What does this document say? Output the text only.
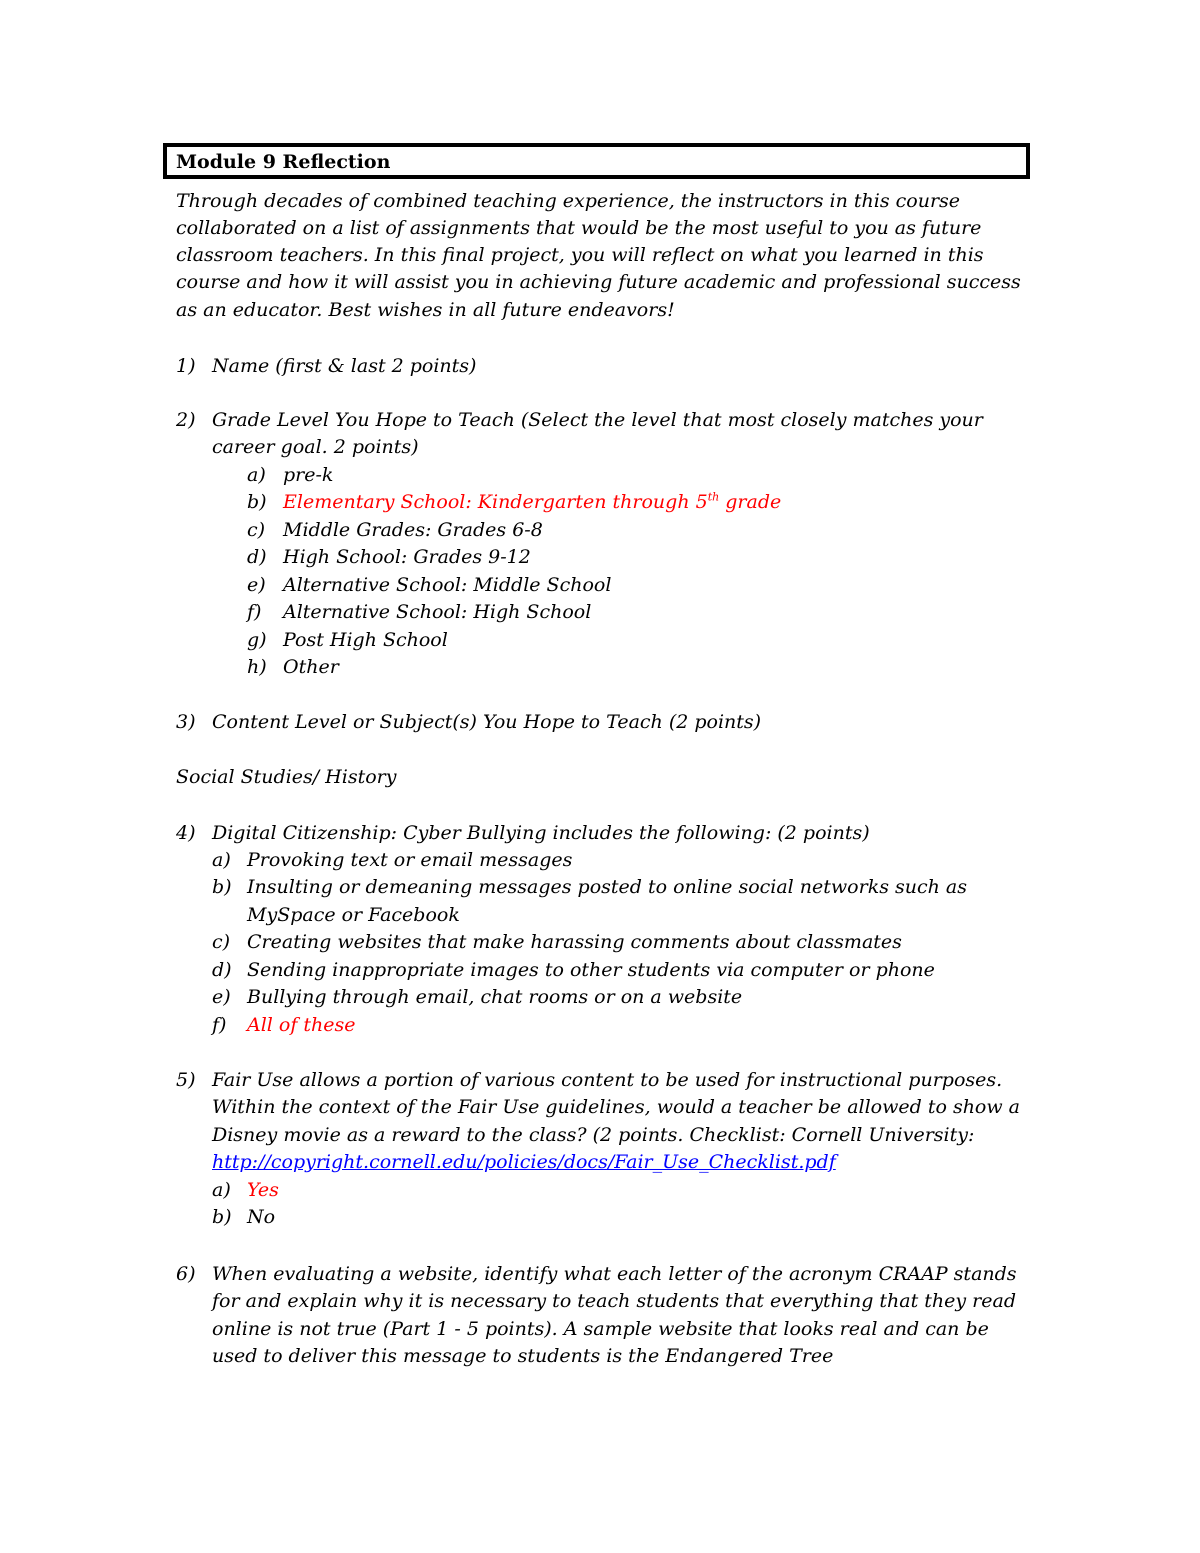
Module 9 Reflection
Through decades of combined teaching experience, the instructors in this course
collaborated on a list of assignments that would be the most useful to you as future
classroom teachers. In this final project, you will reflect on what you learned in this
course and how it will assist you in achieving future academic and professional success
as an educator. Best wishes in all future endeavors!
1) Name (first & last 2 points)
2) Grade Level You Hope to Teach (Select the level that most closely matches your
career goal. 2 points)
a) pre-k
b) Elementary School: Kindergarten through 5th grade
c) Middle Grades: Grades 6-8
d) High School: Grades 9-12
e) Alternative School: Middle School
f) Alternative School: High School
g) Post High School
h) Other
3) Content Level or Subject(s) You Hope to Teach (2 points)
Social Studies/ History
4) Digital Citizenship: Cyber Bullying includes the following: (2 points)
a) Provoking text or email messages
b) Insulting or demeaning messages posted to online social networks such as
MySpace or Facebook
c) Creating websites that make harassing comments about classmates
d) Sending inappropriate images to other students via computer or phone
e) Bullying through email, chat rooms or on a website
f) All of these
5) Fair Use allows a portion of various content to be used for instructional purposes.
Within the context of the Fair Use guidelines, would a teacher be allowed to show a
Disney movie as a reward to the class? (2 points. Checklist: Cornell University:
http://copyright.cornell.edu/policies/docs/Fair_Use_Checklist.pdf
a) Yes
b) No
6) When evaluating a website, identify what each letter of the acronym CRAAP stands
for and explain why it is necessary to teach students that everything that they read
online is not true (Part 1 - 5 points). A sample website that looks real and can be
used to deliver this message to students is the Endangered Tree
